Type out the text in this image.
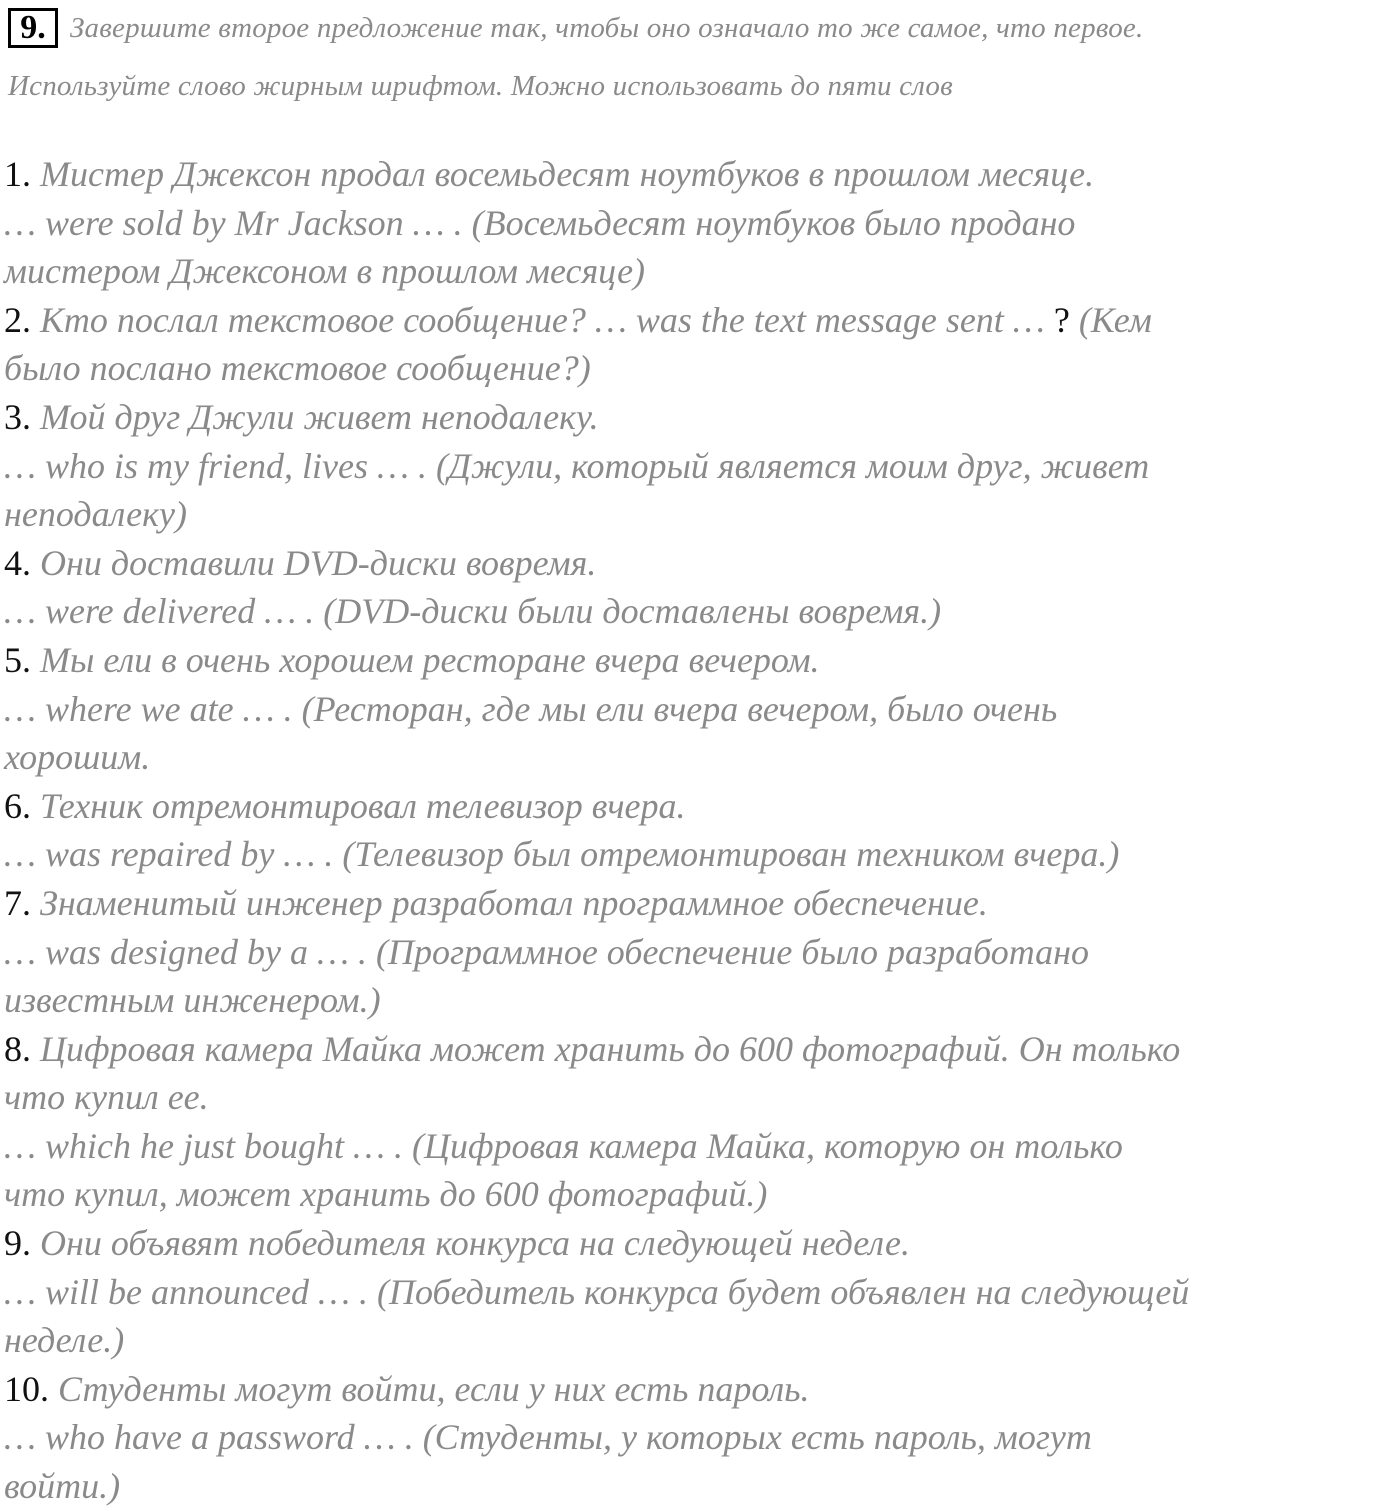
9. Завершите второе предложение так, чтобы оно означало то же самое, что первое.
Используйте слово жирным шрифтом. Можно использовать до пяти слов
1. Мистер Джексон продал восемьдесят ноутбуков в прошлом месяце.
… were sold by Mr Jackson … . (Восемьдесят ноутбуков было продано
мистером Джексоном в прошлом месяце)
2. Кто послал текстовое сообщение? … was the text message sent … ? (Кем
было послано текстовое сообщение?)
3. Мой друг Джули живет неподалеку.
… who is my friend, lives … . (Джули, который является моим друг, живет
неподалеку)
4. Они доставили DVD-диски вовремя.
… were delivered … . (DVD-диски были доставлены вовремя.)
5. Мы ели в очень хорошем ресторане вчера вечером.
… where we ate … . (Ресторан, где мы ели вчера вечером, было очень
хорошим.
6. Техник отремонтировал телевизор вчера.
… was repaired by … . (Телевизор был отремонтирован техником вчера.)
7. Знаменитый инженер разработал программное обеспечение.
… was designed by a … . (Программное обеспечение было разработано
известным инженером.)
8. Цифровая камера Майка может хранить до 600 фотографий. Он только
что купил ее.
… which he just bought … . (Цифровая камера Майка, которую он только
что купил, может хранить до 600 фотографий.)
9. Они объявят победителя конкурса на следующей неделе.
… will be announced … . (Победитель конкурса будет объявлен на следующей
неделе.)
10. Студенты могут войти, если у них есть пароль.
… who have a password … . (Студенты, у которых есть пароль, могут
войти.)
